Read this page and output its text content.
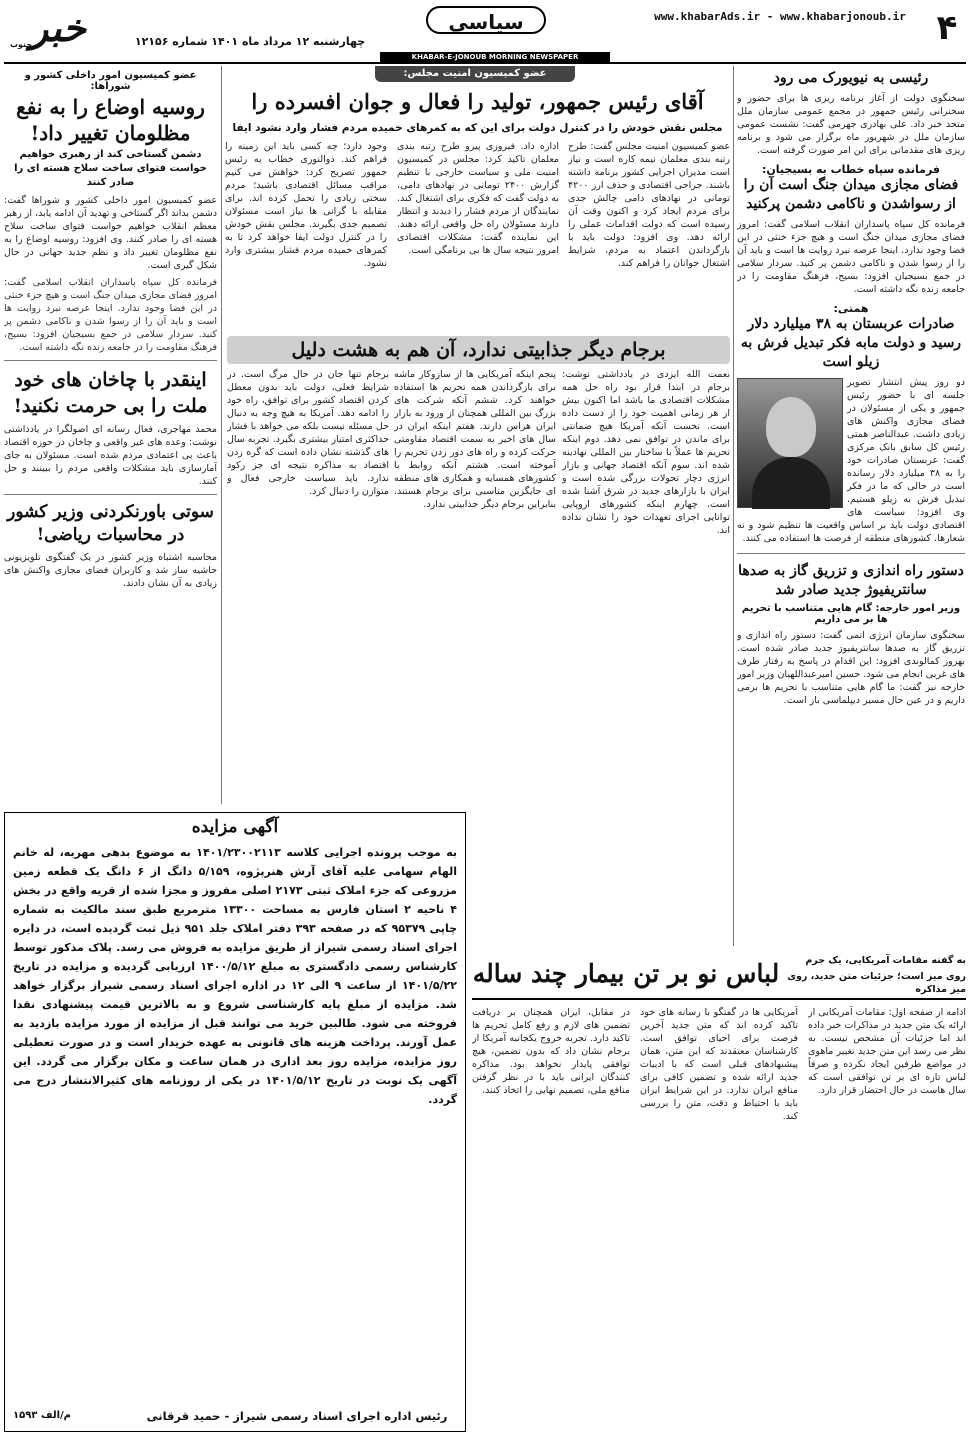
۴
www.khabarAds.ir - www.khabarjonoub.ir
سیاسی
چهارشنبه ۱۲ مرداد ماه ۱۴۰۱ شماره ۱۲۱۵۶
خبر
جنوب
KHABAR-E-JONOUB MORNING NEWSPAPER
رئیسی به نیویورک می رود
سخنگوی دولت از آغاز برنامه ریزی ها برای حضور و سخنرانی رئیس جمهور در مجمع عمومی سازمان ملل متحد خبر داد. علی بهادری جهرمی گفت: نشست عمومی سازمان ملل در شهریور ماه برگزار می شود و برنامه ریزی های مقدماتی برای این امر صورت گرفته است.
فرمانده سپاه خطاب به بسیجیان:
فضای مجازی میدان جنگ است آن را از رسواشدن و ناکامی دشمن پرکنید
فرمانده کل سپاه پاسداران انقلاب اسلامی گفت: امروز فضای مجازی میدان جنگ است و هیچ جزء خنثی در این فضا وجود ندارد. اینجا عرصه نبرد روایت ها است و باید آن را از رسوا شدن و ناکامی دشمن پر کنید. سردار سلامی در جمع بسیجیان افزود: بسیج، فرهنگ مقاومت را در جامعه زنده نگه داشته است.
همتی:
صادرات عربستان به ۳۸ میلیارد دلار رسید و دولت مابه فکر تبدیل فرش به زیلو است
دو روز پیش انتشار تصویر جلسه ای با حضور رئیس جمهور و یکی از مسئولان در فضای مجازی واکنش های زیادی داشت. عبدالناصر همتی رئیس کل سابق بانک مرکزی گفت: عربستان صادرات خود را به ۳۸ میلیارد دلار رسانده است در حالی که ما در فکر تبدیل فرش به زیلو هستیم. وی افزود: سیاست های اقتصادی دولت باید بر اساس واقعیت ها تنظیم شود و نه شعارها. کشورهای منطقه از فرصت ها استفاده می کنند.
دستور راه اندازی و تزریق گاز به صدها سانتریفیوژ جدید صادر شد
وزیر امور خارجه: گام هایی متناسب با تحریم ها بر می داریم
سخنگوی سازمان انرژی اتمی گفت: دستور راه اندازی و تزریق گاز به صدها سانتریفیوژ جدید صادر شده است. بهروز کمالوندی افزود: این اقدام در پاسخ به رفتار طرف های غربی انجام می شود. حسین امیرعبداللهیان وزیر امور خارجه نیز گفت: ما گام هایی متناسب با تحریم ها برمی داریم و در عین حال مسیر دیپلماسی باز است.
عضو کمیسیون امور داخلی کشور و شوراها:
روسیه اوضاع را به نفع مظلومان تغییر داد!
دشمن گستاخی کند از رهبری خواهیم خواست فتوای ساخت سلاح هسته ای را صادر کنند
عضو کمیسیون امور داخلی کشور و شوراها گفت: دشمن بداند اگر گستاخی و تهدید آن ادامه یابد، از رهبر معظم انقلاب خواهیم خواست فتوای ساخت سلاح هسته ای را صادر کنند. وی افزود: روسیه اوضاع را به نفع مظلومان تغییر داد و نظم جدید جهانی در حال شکل گیری است.
فرمانده کل سپاه پاسداران انقلاب اسلامی گفت: امروز فضای مجازی میدان جنگ است و هیچ جزء خنثی در این فضا وجود ندارد. اینجا عرصه نبرد روایت ها است و باید آن را از رسوا شدن و ناکامی دشمن پر کنید. سردار سلامی در جمع بسیجیان افزود: بسیج، فرهنگ مقاومت را در جامعه زنده نگه داشته است.
اینقدر با چاخان های خود ملت را بی حرمت نکنید!
محمد مهاجری، فعال رسانه ای اصولگرا در یادداشتی نوشت: وعده های غیر واقعی و چاخان در حوزه اقتصاد باعث بی اعتمادی مردم شده است. مسئولان به جای آمارسازی باید مشکلات واقعی مردم را ببینند و حل کنند.
سوتی باورنکردنی وزیر کشور در محاسبات ریاضی!
محاسبه اشتباه وزیر کشور در یک گفتگوی تلویزیونی حاشیه ساز شد و کاربران فضای مجازی واکنش های زیادی به آن نشان دادند.
عضو کمیسیون امنیت مجلس:
آقای رئیس جمهور، تولید را فعال و جوان افسرده را
مجلس نقش خودش را در کنترل دولت برای این که به کمرهای خمیده مردم فشار وارد نشود ایفا
عضو کمیسیون امنیت مجلس گفت: طرح رتبه بندی معلمان نیمه کاره است و نیاز است مدیران اجرایی کشور برنامه داشته باشند. جراحی اقتصادی و حذف ارز ۴۲۰۰ تومانی در نهادهای دامی چالش جدی برای مردم ایجاد کرد و اکنون وقت آن رسیده است که دولت اقدامات عملی را ارائه دهد. وی افزود: دولت باید با بازگرداندن اعتماد به مردم، شرایط اشتغال جوانان را فراهم کند.
اداره داد. فیروزی پیرو طرح رتبه بندی معلمان تاکید کرد: مجلس در کمیسیون امنیت ملی و سیاست خارجی با تنظیم گزارش ۲۴۰۰ تومانی در نهادهای دامی، به دولت گفت که فکری برای اشتغال کند. نمایندگان از مردم فشار را دیدند و انتظار دارند مسئولان راه حل واقعی ارائه دهند. این نماینده گفت: مشکلات اقتصادی امروز نتیجه سال ها بی برنامگی است.
وجود دارد؛ چه کسی باید این زمینه را فراهم کند. ذوالنوری خطاب به رئیس جمهور تصریح کرد: خواهش می کنیم مراقب مسائل اقتصادی باشید؛ مردم سختی زیادی را تحمل کرده اند. برای مقابله با گرانی ها نیاز است مسئولان تصمیم جدی بگیرند. مجلس نقش خودش را در کنترل دولت ایفا خواهد کرد تا به کمرهای خمیده مردم فشار بیشتری وارد نشود.
برجام دیگر جذابیتی ندارد، آن هم به هشت دلیل
نعمت الله ایزدی در یادداشتی نوشت: برجام در ابتدا قرار بود راه حل همه مشکلات اقتصادی ما باشد اما اکنون بیش از هر زمانی اهمیت خود را از دست داده است. نخست آنکه آمریکا هیچ ضمانتی برای ماندن در توافق نمی دهد. دوم اینکه تحریم ها عملاً با ساختار بین المللی نهادینه شده اند. سوم آنکه اقتصاد جهانی و بازار انرژی دچار تحولات بزرگی شده است و ایران با بازارهای جدید در شرق آشنا شده است. چهارم اینکه کشورهای اروپایی توانایی اجرای تعهدات خود را نشان نداده اند.
پنجم اینکه آمریکایی ها از سازوکار ماشه برای بازگرداندن همه تحریم ها استفاده خواهند کرد. ششم آنکه شرکت های بزرگ بین المللی همچنان از ورود به بازار ایران هراس دارند. هفتم اینکه ایران در سال های اخیر به سمت اقتصاد مقاومتی حرکت کرده و راه های دور زدن تحریم را آموخته است. هشتم آنکه روابط با کشورهای همسایه و همکاری های منطقه ای جایگزین مناسبی برای برجام هستند. بنابراین برجام دیگر جذابیتی ندارد.
برجام تنها جان در حال مرگ است. در شرایط فعلی، دولت باید بدون معطل کردن اقتصاد کشور برای توافق، راه خود را ادامه دهد. آمریکا به هیچ وجه به دنبال حل مسئله نیست بلکه می خواهد با فشار حداکثری امتیاز بیشتری بگیرد. تجربه سال های گذشته نشان داده است که گره زدن اقتصاد به مذاکره نتیجه ای جز رکود ندارد. باید سیاست خارجی فعال و متوازن را دنبال کرد.
آگهی مزایده
به موجب پرونده اجرایی کلاسه ۱۴۰۱/۲۳۰۰۲۱۱۳ به موضوع بدهی مهریه، له خانم الهام سهامی علیه آقای آرش هنرپژوه، ۵/۱۵۹ دانگ از ۶ دانگ یک قطعه زمین مزروعی که جزء املاک ثبتی ۲۱۷۳ اصلی مفروز و مجزا شده از قریه واقع در بخش ۴ ناحیه ۲ استان فارس به مساحت ۱۳۳۰۰ مترمربع طبق سند مالکیت به شماره چاپی ۹۵۳۷۹ که در صفحه ۳۹۳ دفتر املاک جلد ۹۵۱ ذیل ثبت گردیده است، در دایره اجرای اسناد رسمی شیراز از طریق مزایده به فروش می رسد. پلاک مذکور توسط کارشناس رسمی دادگستری به مبلغ ۱۴۰۰/۵/۱۲ ارزیابی گردیده و مزایده در تاریخ ۱۴۰۱/۵/۲۲ از ساعت ۹ الی ۱۲ در اداره اجرای اسناد رسمی شیراز برگزار خواهد شد. مزایده از مبلغ پایه کارشناسی شروع و به بالاترین قیمت پیشنهادی نقدا فروخته می شود. طالبین خرید می توانند قبل از مزایده از مورد مزایده بازدید به عمل آورند. پرداخت هزینه های قانونی به عهده خریدار است و در صورت تعطیلی روز مزایده، مزایده روز بعد اداری در همان ساعت و مکان برگزار می گردد. این آگهی یک نوبت در تاریخ ۱۴۰۱/۵/۱۲ در یکی از روزنامه های کثیرالانتشار درج می گردد.
رئیس اداره اجرای اسناد رسمی شیراز - حمید قرقانی
م/الف ۱۵۹۳
به گفته مقامات آمریکایی، یک جرم
روی میز است؛ جزئیات متن جدید، روی میز مذاکره
لباس نو بر تن بیمار چند ساله
ادامه از صفحه اول: مقامات آمریکایی از ارائه یک متن جدید در مذاکرات خبر داده اند اما جزئیات آن مشخص نیست. به نظر می رسد این متن جدید تغییر ماهوی در مواضع طرفین ایجاد نکرده و صرفاً لباس تازه ای بر تن توافقی است که سال هاست در حال احتضار قرار دارد.
آمریکایی ها در گفتگو با رسانه های خود تاکید کرده اند که متن جدید آخرین فرصت برای احیای توافق است. کارشناسان معتقدند که این متن، همان پیشنهادهای قبلی است که با ادبیات جدید ارائه شده و تضمین کافی برای منافع ایران ندارد. در این شرایط ایران باید با احتیاط و دقت، متن را بررسی کند.
در مقابل، ایران همچنان بر دریافت تضمین های لازم و رفع کامل تحریم ها تاکید دارد. تجربه خروج یکجانبه آمریکا از برجام نشان داد که بدون تضمین، هیچ توافقی پایدار نخواهد بود. مذاکره کنندگان ایرانی باید با در نظر گرفتن منافع ملی، تصمیم نهایی را اتخاذ کنند.
